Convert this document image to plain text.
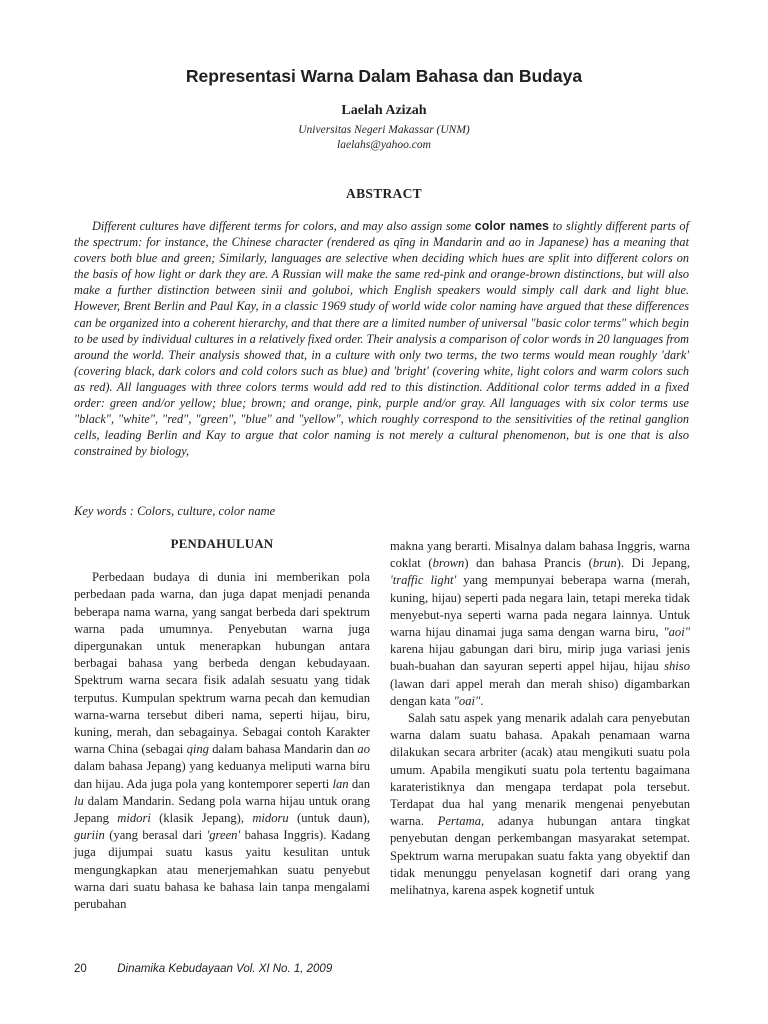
Representasi Warna Dalam Bahasa dan Budaya
Laelah Azizah
Universitas Negeri Makassar (UNM)
laelahs@yahoo.com
ABSTRACT
Different cultures have different terms for colors, and may also assign some color names to slightly different parts of the spectrum: for instance, the Chinese character (rendered as qīng in Mandarin and ao in Japanese) has a meaning that covers both blue and green; Similarly, languages are selective when deciding which hues are split into different colors on the basis of how light or dark they are. A Russian will make the same red-pink and orange-brown distinctions, but will also make a further distinction between sinii and goluboi, which English speakers would simply call dark and light blue. However, Brent Berlin and Paul Kay, in a classic 1969 study of world wide color naming have argued that these differences can be organized into a coherent hierarchy, and that there are a limited number of universal "basic color terms" which begin to be used by individual cultures in a relatively fixed order. Their analysis a comparison of color words in 20 languages from around the world. Their analysis showed that, in a culture with only two terms, the two terms would mean roughly 'dark' (covering black, dark colors and cold colors such as blue) and 'bright' (covering white, light colors and warm colors such as red). All languages with three colors terms would add red to this distinction. Additional color terms added in a fixed order: green and/or yellow; blue; brown; and orange, pink, purple and/or gray. All languages with six color terms use "black", "white", "red", "green", "blue" and "yellow", which roughly correspond to the sensitivities of the retinal ganglion cells, leading Berlin and Kay to argue that color naming is not merely a cultural phenomenon, but is one that is also constrained by biology,
Key words : Colors, culture, color name
PENDAHULUAN
Perbedaan budaya di dunia ini memberikan pola perbedaan pada warna, dan juga dapat menjadi penanda beberapa nama warna, yang sangat berbeda dari spektrum warna pada umumnya. Penyebutan warna juga dipergunakan untuk menerapkan hubungan antara berbagai bahasa yang berbeda dengan kebudayaan. Spektrum warna secara fisik adalah sesuatu yang tidak terputus. Kumpulan spektrum warna pecah dan kemudian warna-warna tersebut diberi nama, seperti hijau, biru, kuning, merah, dan sebagainya. Sebagai contoh Karakter warna China (sebagai qing dalam bahasa Mandarin dan ao dalam bahasa Jepang) yang keduanya meliputi warna biru dan hijau. Ada juga pola yang kontemporer seperti lan dan lu dalam Mandarin. Sedang pola warna hijau untuk orang Jepang midori (klasik Jepang), midoru (untuk daun), guriin (yang berasal dari 'green' bahasa Inggris). Kadang juga dijumpai suatu kasus yaitu kesulitan untuk mengungkapkan atau menerjemahkan suatu penyebut warna dari suatu bahasa ke bahasa lain tanpa mengalami perubahan
makna yang berarti. Misalnya dalam bahasa Inggris, warna coklat (brown) dan bahasa Prancis (brun). Di Jepang, 'traffic light' yang mempunyai beberapa warna (merah, kuning, hijau) seperti pada negara lain, tetapi mereka tidak menyebut-nya seperti warna pada negara lainnya. Untuk warna hijau dinamai juga sama dengan warna biru, "aoi" karena hijau gabungan dari biru, mirip juga variasi jenis buah-buahan dan sayuran seperti appel hijau, hijau shiso (lawan dari appel merah dan merah shiso) digambarkan dengan kata "oai".
Salah satu aspek yang menarik adalah cara penyebutan warna dalam suatu bahasa. Apakah penamaan warna dilakukan secara arbriter (acak) atau mengikuti suatu pola umum. Apabila mengikuti suatu pola tertentu bagaimana karateristiknya dan mengapa terdapat pola tersebut. Terdapat dua hal yang menarik mengenai penyebutan warna. Pertama, adanya hubungan antara tingkat penyebutan dengan perkembangan masyarakat setempat. Spektrum warna merupakan suatu fakta yang obyektif dan tidak menunggu penyelasan kognetif dari orang yang melihatnya, karena aspek kognetif untuk
20	Dinamika Kebudayaan Vol. XI No. 1, 2009
